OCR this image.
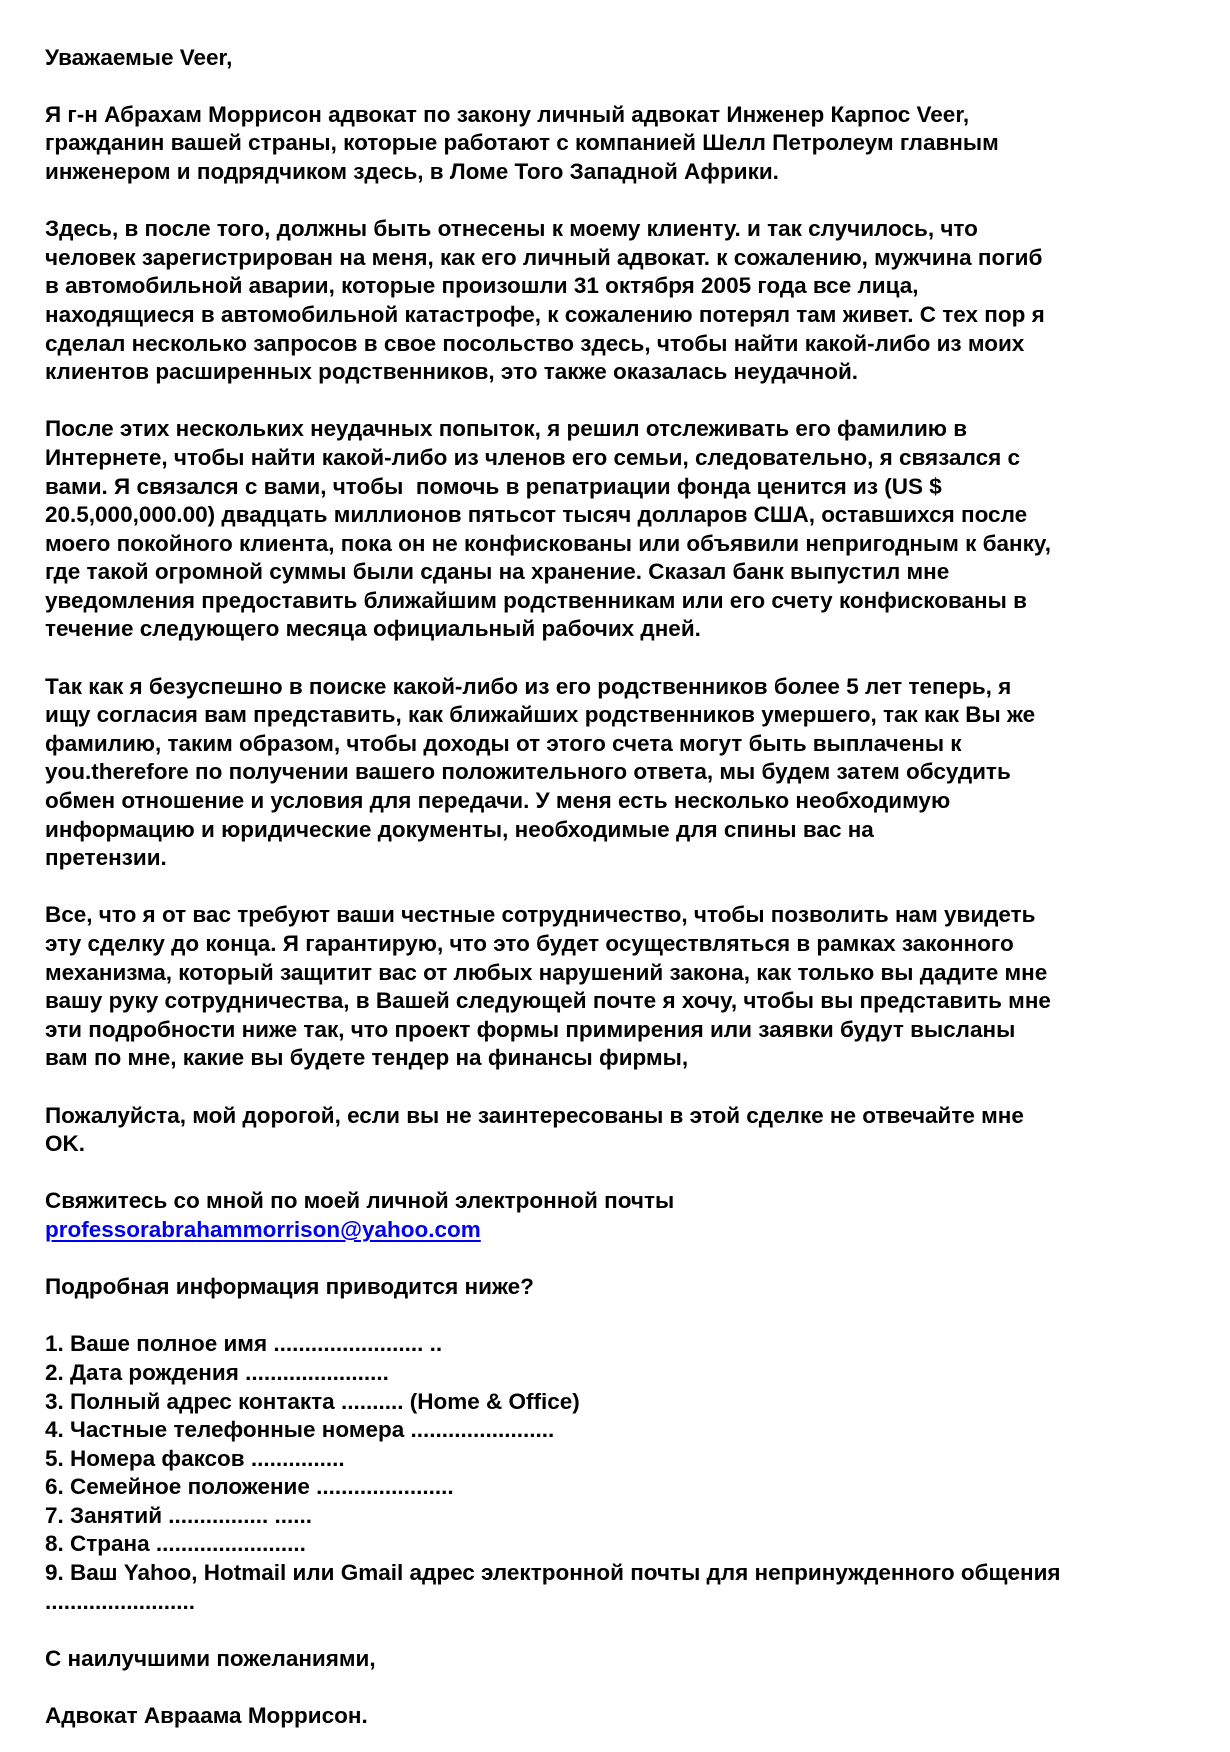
Уважаемые Veer,
Я г-н Абрахам Моррисон адвокат по закону личный адвокат Инженер Карпос Veer,
гражданин вашей страны, которые работают с компанией Шелл Петролеум главным
инженером и подрядчиком здесь, в Ломе Того Западной Африки.
Здесь, в после того, должны быть отнесены к моему клиенту. и так случилось, что
человек зарегистрирован на меня, как его личный адвокат. к сожалению, мужчина погиб
в автомобильной аварии, которые произошли 31 октября 2005 года все лица,
находящиеся в автомобильной катастрофе, к сожалению потерял там живет. С тех пор я
сделал несколько запросов в свое посольство здесь, чтобы найти какой-либо из моих
клиентов расширенных родственников, это также оказалась неудачной.
После этих нескольких неудачных попыток, я решил отслеживать его фамилию в
Интернете, чтобы найти какой-либо из членов его семьи, следовательно, я связался с
вами. Я связался с вами, чтобы  помочь в репатриации фонда ценится из (US $
20.5,000,000.00) двадцать миллионов пятьсот тысяч долларов США, оставшихся после
моего покойного клиента, пока он не конфискованы или объявили непригодным к банку,
где такой огромной суммы были сданы на хранение. Сказал банк выпустил мне
уведомления предоставить ближайшим родственникам или его счету конфискованы в
течение следующего месяца официальный рабочих дней.
Так как я безуспешно в поиске какой-либо из его родственников более 5 лет теперь, я
ищу согласия вам представить, как ближайших родственников умершего, так как Вы же
фамилию, таким образом, чтобы доходы от этого счета могут быть выплачены к
you.therefore по получении вашего положительного ответа, мы будем затем обсудить
обмен отношение и условия для передачи. У меня есть несколько необходимую
информацию и юридические документы, необходимые для спины вас на
претензии.
Все, что я от вас требуют ваши честные сотрудничество, чтобы позволить нам увидеть
эту сделку до конца. Я гарантирую, что это будет осуществляться в рамках законного
механизма, который защитит вас от любых нарушений закона, как только вы дадите мне
вашу руку сотрудничества, в Вашей следующей почте я хочу, чтобы вы представить мне
эти подробности ниже так, что проект формы примирения или заявки будут высланы
вам по мне, какие вы будете тендер на финансы фирмы,
Пожалуйста, мой дорогой, если вы не заинтересованы в этой сделке не отвечайте мне
OK.
Свяжитесь со мной по моей личной электронной почты
professorabrahammorrison@yahoo.com
Подробная информация приводится ниже?
1. Ваше полное имя ........................ ..
2. Дата рождения .......................
3. Полный адрес контакта .......... (Home & Office)
4. Частные телефонные номера .......................
5. Номера факсов ...............
6. Семейное положение ......................
7. Занятий ................ ......
8. Страна ........................
9. Ваш Yahoo, Hotmail или Gmail адрес электронной почты для непринужденного общения
........................
С наилучшими пожеланиями,
Адвокат Авраама Моррисон.
